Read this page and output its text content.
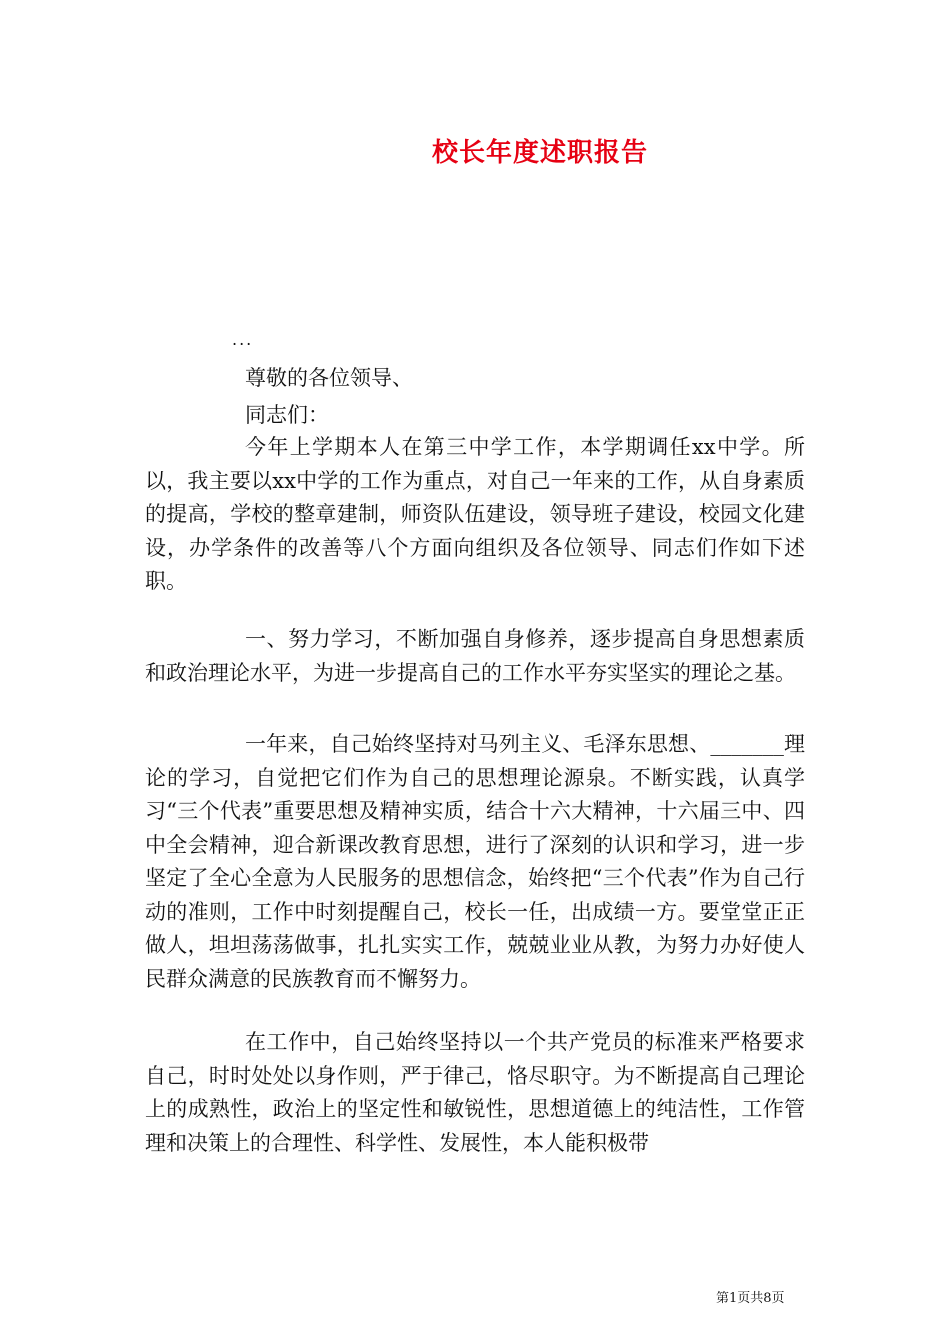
校长年度述职报告
...
尊敬的各位领导、
同志们：
今年上学期本人在第三中学工作，本学期调任xx中学。所以，我主要以xx中学的工作为重点，对自己一年来的工作，从自身素质的提高，学校的整章建制，师资队伍建设，领导班子建设，校园文化建设，办学条件的改善等八个方面向组织及各位领导、同志们作如下述职。
一、努力学习，不断加强自身修养，逐步提高自身思想素质和政治理论水平，为进一步提高自己的工作水平夯实坚实的理论之基。
一年来，自己始终坚持对马列主义、毛泽东思想、_______理论的学习，自觉把它们作为自己的思想理论源泉。不断实践，认真学习“三个代表”重要思想及精神实质，结合十六大精神，十六届三中、四中全会精神，迎合新课改教育思想，进行了深刻的认识和学习，进一步坚定了全心全意为人民服务的思想信念，始终把“三个代表”作为自己行动的准则，工作中时刻提醒自己，校长一任，出成绩一方。要堂堂正正做人，坦坦荡荡做事，扎扎实实工作，兢兢业业从教，为努力办好使人民群众满意的民族教育而不懈努力。
在工作中，自己始终坚持以一个共产党员的标准来严格要求自己，时时处处以身作则，严于律己，恪尽职守。为不断提高自己理论上的成熟性，政治上的坚定性和敏锐性，思想道德上的纯洁性，工作管理和决策上的合理性、科学性、发展性，本人能积极带
第1页共8页
